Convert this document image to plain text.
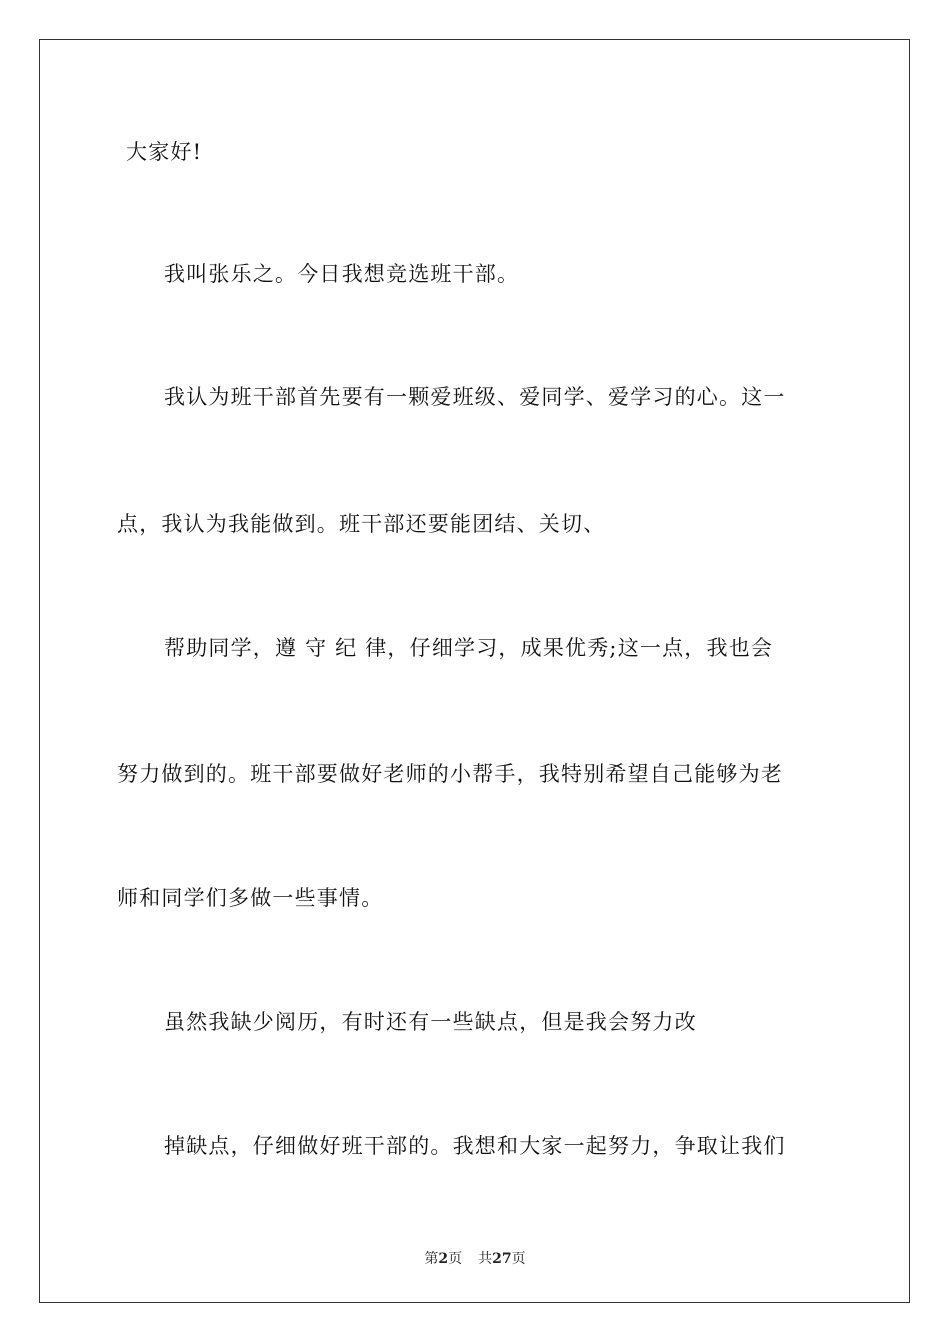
大家好!
我叫张乐之。今日我想竞选班干部。
我认为班干部首先要有一颗爱班级、爱同学、爱学习的心。这一
点，我认为我能做到。班干部还要能团结、关切、
帮助同学，遵 守 纪 律，仔细学习，成果优秀;这一点，我也会
努力做到的。班干部要做好老师的小帮手，我特别希望自己能够为老
师和同学们多做一些事情。
虽然我缺少阅历，有时还有一些缺点，但是我会努力改
掉缺点，仔细做好班干部的。我想和大家一起努力，争取让我们
第2页 共27页
